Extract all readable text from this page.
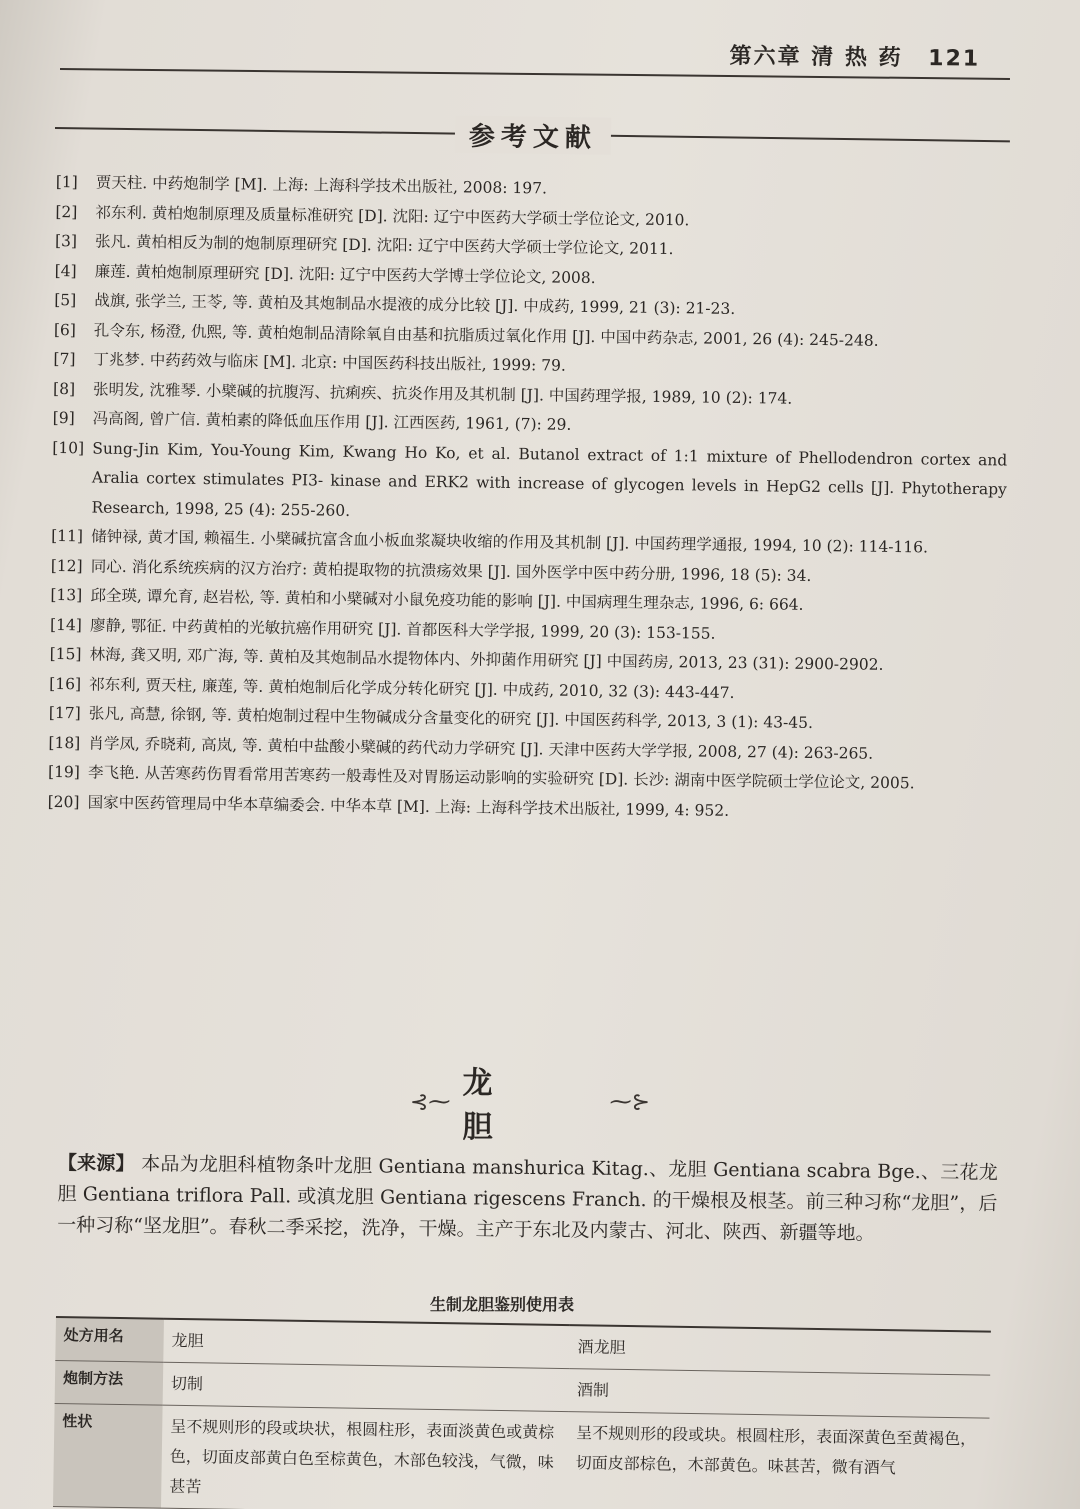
第六章 清 热 药 121
参考文献
[1]	贾天柱. 中药炮制学 [M]. 上海: 上海科学技术出版社, 2008: 197.
[2]	祁东利. 黄柏炮制原理及质量标准研究 [D]. 沈阳: 辽宁中医药大学硕士学位论文, 2010.
[3]	张凡. 黄柏相反为制的炮制原理研究 [D]. 沈阳: 辽宁中医药大学硕士学位论文, 2011.
[4]	廉莲. 黄柏炮制原理研究 [D]. 沈阳: 辽宁中医药大学博士学位论文, 2008.
[5]	战旗, 张学兰, 王苓, 等. 黄柏及其炮制品水提液的成分比较 [J]. 中成药, 1999, 21 (3): 21-23.
[6]	孔令东, 杨澄, 仇熙, 等. 黄柏炮制品清除氧自由基和抗脂质过氧化作用 [J]. 中国中药杂志, 2001, 26 (4): 245-248.
[7]	丁兆梦. 中药药效与临床 [M]. 北京: 中国医药科技出版社, 1999: 79.
[8]	张明发, 沈雅琴. 小檗碱的抗腹泻、抗痢疾、抗炎作用及其机制 [J]. 中国药理学报, 1989, 10 (2): 174.
[9]	冯高阁, 曾广信. 黄柏素的降低血压作用 [J]. 江西医药, 1961, (7): 29.
[10] Sung-Jin Kim, You-Young Kim, Kwang Ho Ko, et al. Butanol extract of 1:1 mixture of Phellodendron cortex and Aralia cortex stimulates PI3- kinase and ERK2 with increase of glycogen levels in HepG2 cells [J]. Phytotherapy Research, 1998, 25 (4): 255-260.
[11] 储钟禄, 黄才国, 赖福生. 小檗碱抗富含血小板血浆凝块收缩的作用及其机制 [J]. 中国药理学通报, 1994, 10 (2): 114-116.
[12] 同心. 消化系统疾病的汉方治疗: 黄柏提取物的抗溃疡效果 [J]. 国外医学中医中药分册, 1996, 18 (5): 34.
[13] 邱全瑛, 谭允育, 赵岩松, 等. 黄柏和小檗碱对小鼠免疫功能的影响 [J]. 中国病理生理杂志, 1996, 6: 664.
[14] 廖静, 鄂征. 中药黄柏的光敏抗癌作用研究 [J]. 首都医科大学学报, 1999, 20 (3): 153-155.
[15] 林海, 龚又明, 邓广海, 等. 黄柏及其炮制品水提物体内、外抑菌作用研究 [J] 中国药房, 2013, 23 (31): 2900-2902.
[16] 祁东利, 贾天柱, 廉莲, 等. 黄柏炮制后化学成分转化研究 [J]. 中成药, 2010, 32 (3): 443-447.
[17] 张凡, 高慧, 徐钢, 等. 黄柏炮制过程中生物碱成分含量变化的研究 [J]. 中国医药科学, 2013, 3 (1): 43-45.
[18] 肖学凤, 乔晓莉, 高岚, 等. 黄柏中盐酸小檗碱的药代动力学研究 [J]. 天津中医药大学学报, 2008, 27 (4): 263-265.
[19] 李飞艳. 从苦寒药伤胃看常用苦寒药一般毒性及对胃肠运动影响的实验研究 [D]. 长沙: 湖南中医学院硕士学位论文, 2005.
[20] 国家中医药管理局中华本草编委会. 中华本草 [M]. 上海: 上海科学技术出版社, 1999, 4: 952.
⊰⁓
龙 胆
⁓⊱
【来源】 本品为龙胆科植物条叶龙胆 Gentiana manshurica Kitag.、龙胆 Gentiana scabra Bge.、三花龙胆 Gentiana triflora Pall. 或滇龙胆 Gentiana rigescens Franch. 的干燥根及根茎。前三种习称“龙胆”，后一种习称“坚龙胆”。春秋二季采挖，洗净，干燥。主产于东北及内蒙古、河北、陕西、新疆等地。
生制龙胆鉴别使用表
处方用名	龙胆	酒龙胆
炮制方法	切制	酒制
性状	呈不规则形的段或块状，根圆柱形，表面淡黄色或黄棕色，切面皮部黄白色至棕黄色，木部色较浅，气微，味甚苦	呈不规则形的段或块。根圆柱形，表面深黄色至黄褐色，切面皮部棕色，木部黄色。味甚苦，微有酒气
